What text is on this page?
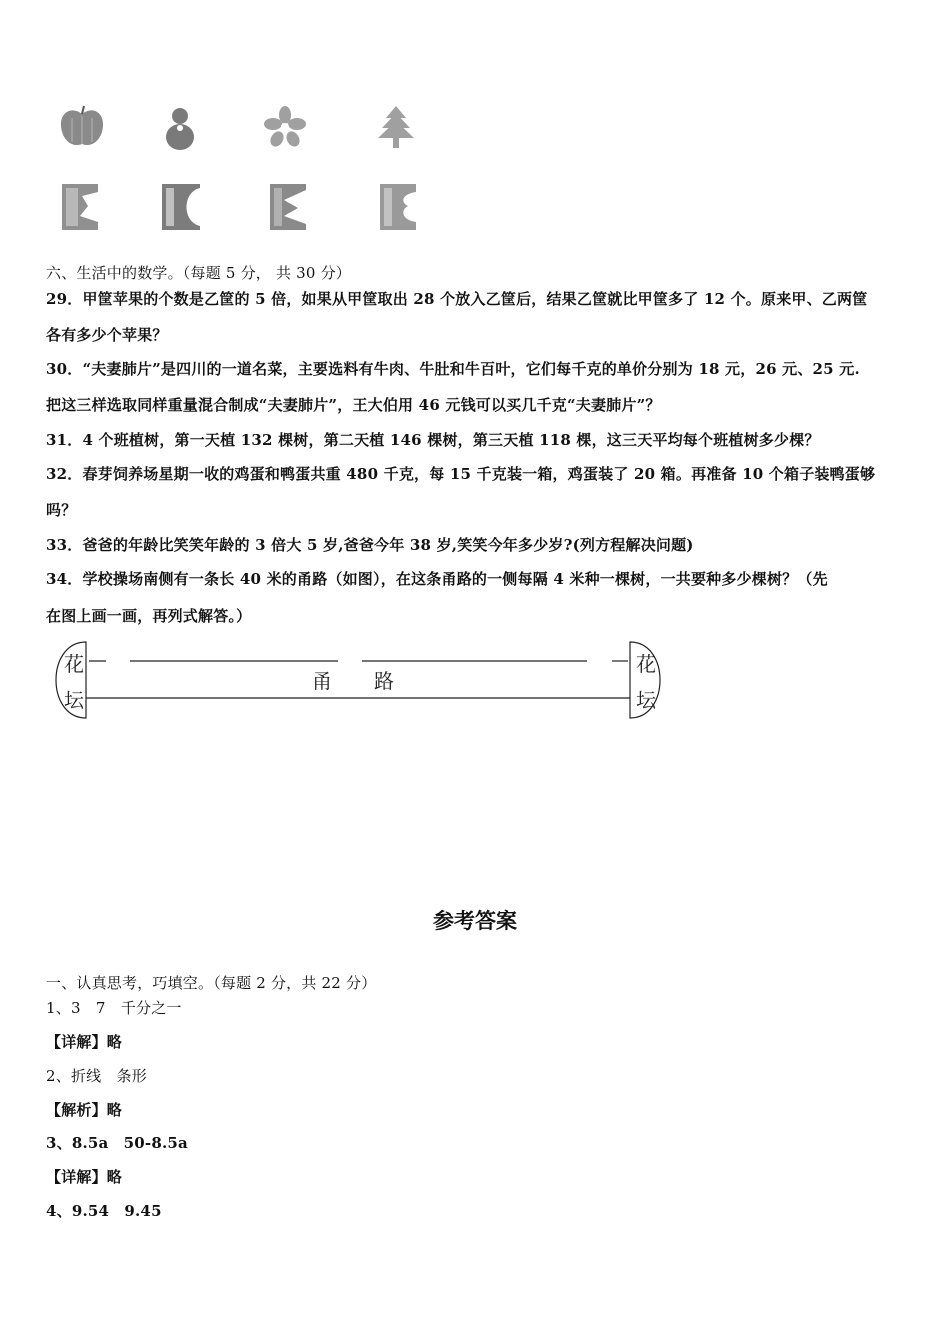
六、生活中的数学。（每题 5 分， 共 30 分）
29．甲筐苹果的个数是乙筐的 5 倍，如果从甲筐取出 28 个放入乙筐后，结果乙筐就比甲筐多了 12 个。原来甲、乙两筐
各有多少个苹果？
30．“夫妻肺片”是四川的一道名菜，主要选料有牛肉、牛肚和牛百叶，它们每千克的单价分别为 18 元，26 元、25 元.
把这三样选取同样重量混合制成“夫妻肺片”，王大伯用 46 元钱可以买几千克“夫妻肺片”？
31．4 个班植树，第一天植 132 棵树，第二天植 146 棵树，第三天植 118 棵，这三天平均每个班植树多少棵？
32．春芽饲养场星期一收的鸡蛋和鸭蛋共重 480 千克，每 15 千克装一箱，鸡蛋装了 20 箱。再准备 10 个箱子装鸭蛋够
吗？
33．爸爸的年龄比笑笑年龄的 3 倍大 5 岁,爸爸今年 38 岁,笑笑今年多少岁?(列方程解决问题)
34．学校操场南侧有一条长 40 米的甬路（如图），在这条甬路的一侧每隔 4 米种一棵树，一共要种多少棵树？（先
在图上画一画，再列式解答。）
花
坛
花
坛
甬 路
参考答案
一、认真思考，巧填空。（每题 2 分，共 22 分）
1、3　7　千分之一
【详解】略
2、折线　条形
【解析】略
3、8.5a　50-8.5a
【详解】略
4、9.54　9.45
